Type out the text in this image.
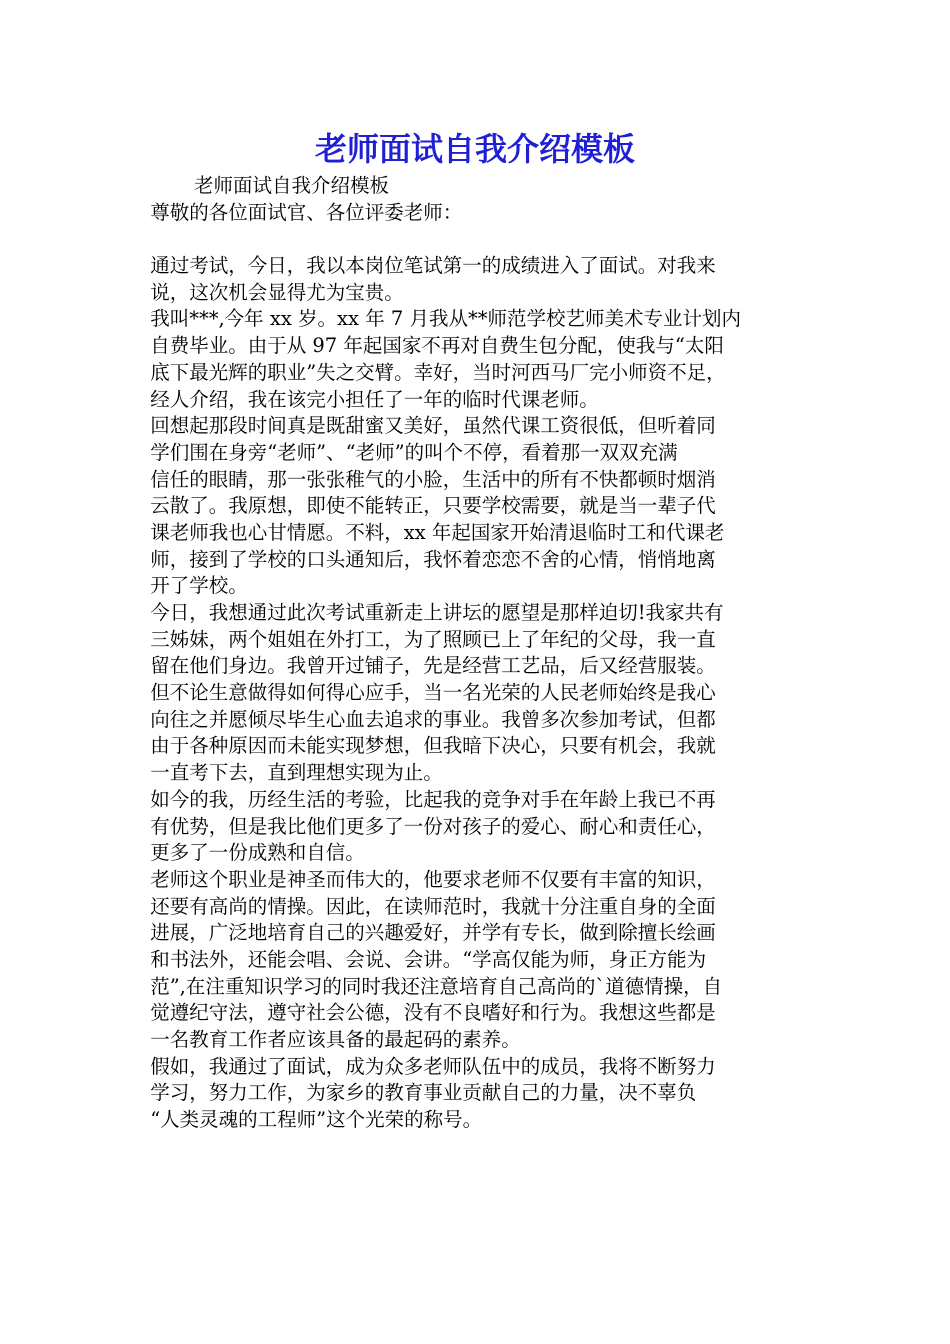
老师面试自我介绍模板
老师面试自我介绍模板
尊敬的各位面试官、各位评委老师：
通过考试，今日，我以本岗位笔试第一的成绩进入了面试。对我来
说，这次机会显得尤为宝贵。
我叫***,今年 xx 岁。xx 年 7 月我从**师范学校艺师美术专业计划内
自费毕业。由于从 97 年起国家不再对自费生包分配，使我与“太阳
底下最光辉的职业”失之交臂。幸好，当时河西马厂完小师资不足，
经人介绍，我在该完小担任了一年的临时代课老师。
回想起那段时间真是既甜蜜又美好，虽然代课工资很低，但听着同
学们围在身旁“老师”、“老师”的叫个不停，看着那一双双充满
信任的眼睛，那一张张稚气的小脸，生活中的所有不快都顿时烟消
云散了。我原想，即使不能转正，只要学校需要，就是当一辈子代
课老师我也心甘情愿。不料，xx 年起国家开始清退临时工和代课老
师，接到了学校的口头通知后，我怀着恋恋不舍的心情，悄悄地离
开了学校。
今日，我想通过此次考试重新走上讲坛的愿望是那样迫切!我家共有
三姊妹，两个姐姐在外打工，为了照顾已上了年纪的父母，我一直
留在他们身边。我曾开过铺子，先是经营工艺品，后又经营服装。
但不论生意做得如何得心应手，当一名光荣的人民老师始终是我心
向往之并愿倾尽毕生心血去追求的事业。我曾多次参加考试，但都
由于各种原因而未能实现梦想，但我暗下决心，只要有机会，我就
一直考下去，直到理想实现为止。
如今的我，历经生活的考验，比起我的竞争对手在年龄上我已不再
有优势，但是我比他们更多了一份对孩子的爱心、耐心和责任心，
更多了一份成熟和自信。
老师这个职业是神圣而伟大的，他要求老师不仅要有丰富的知识，
还要有高尚的情操。因此，在读师范时，我就十分注重自身的全面
进展，广泛地培育自己的兴趣爱好，并学有专长，做到除擅长绘画
和书法外，还能会唱、会说、会讲。“学高仅能为师，身正方能为
范”,在注重知识学习的同时我还注意培育自己高尚的`道德情操，自
觉遵纪守法，遵守社会公德，没有不良嗜好和行为。我想这些都是
一名教育工作者应该具备的最起码的素养。
假如，我通过了面试，成为众多老师队伍中的成员，我将不断努力
学习，努力工作，为家乡的教育事业贡献自己的力量，决不辜负
“人类灵魂的工程师”这个光荣的称号。
